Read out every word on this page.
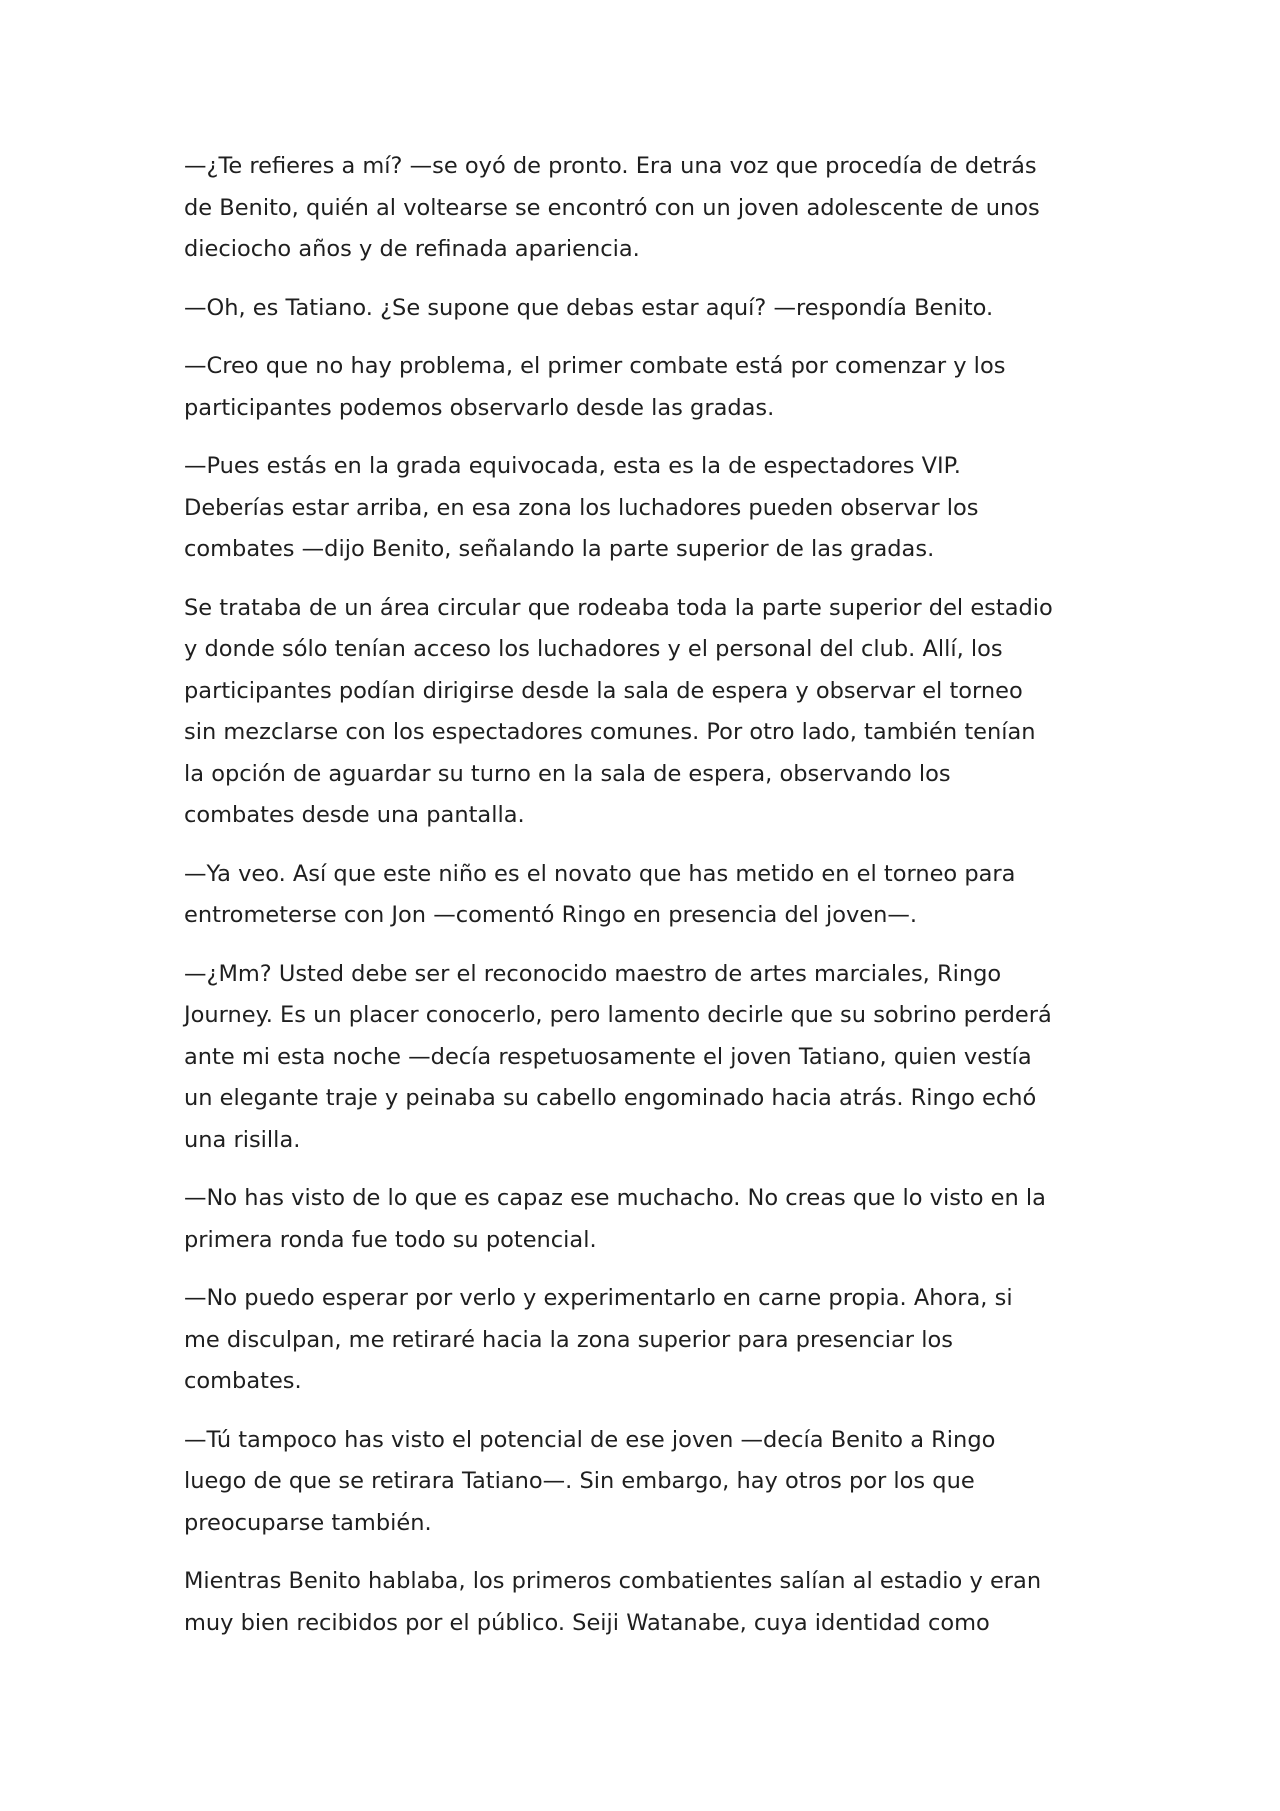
—¿Te refieres a mí? —se oyó de pronto. Era una voz que procedía de detrás
de Benito, quién al voltearse se encontró con un joven adolescente de unos
dieciocho años y de refinada apariencia.

—Oh, es Tatiano. ¿Se supone que debas estar aquí? —respondía Benito.

—Creo que no hay problema, el primer combate está por comenzar y los
participantes podemos observarlo desde las gradas.

—Pues estás en la grada equivocada, esta es la de espectadores VIP.
Deberías estar arriba, en esa zona los luchadores pueden observar los
combates —dijo Benito, señalando la parte superior de las gradas.

Se trataba de un área circular que rodeaba toda la parte superior del estadio
y donde sólo tenían acceso los luchadores y el personal del club. Allí, los
participantes podían dirigirse desde la sala de espera y observar el torneo
sin mezclarse con los espectadores comunes. Por otro lado, también tenían
la opción de aguardar su turno en la sala de espera, observando los
combates desde una pantalla.

—Ya veo. Así que este niño es el novato que has metido en el torneo para
entrometerse con Jon —comentó Ringo en presencia del joven—.

—¿Mm? Usted debe ser el reconocido maestro de artes marciales, Ringo
Journey. Es un placer conocerlo, pero lamento decirle que su sobrino perderá
ante mi esta noche —decía respetuosamente el joven Tatiano, quien vestía
un elegante traje y peinaba su cabello engominado hacia atrás. Ringo echó
una risilla.

—No has visto de lo que es capaz ese muchacho. No creas que lo visto en la
primera ronda fue todo su potencial.

—No puedo esperar por verlo y experimentarlo en carne propia. Ahora, si
me disculpan, me retiraré hacia la zona superior para presenciar los
combates.

—Tú tampoco has visto el potencial de ese joven —decía Benito a Ringo
luego de que se retirara Tatiano—. Sin embargo, hay otros por los que
preocuparse también.

Mientras Benito hablaba, los primeros combatientes salían al estadio y eran
muy bien recibidos por el público. Seiji Watanabe, cuya identidad como
